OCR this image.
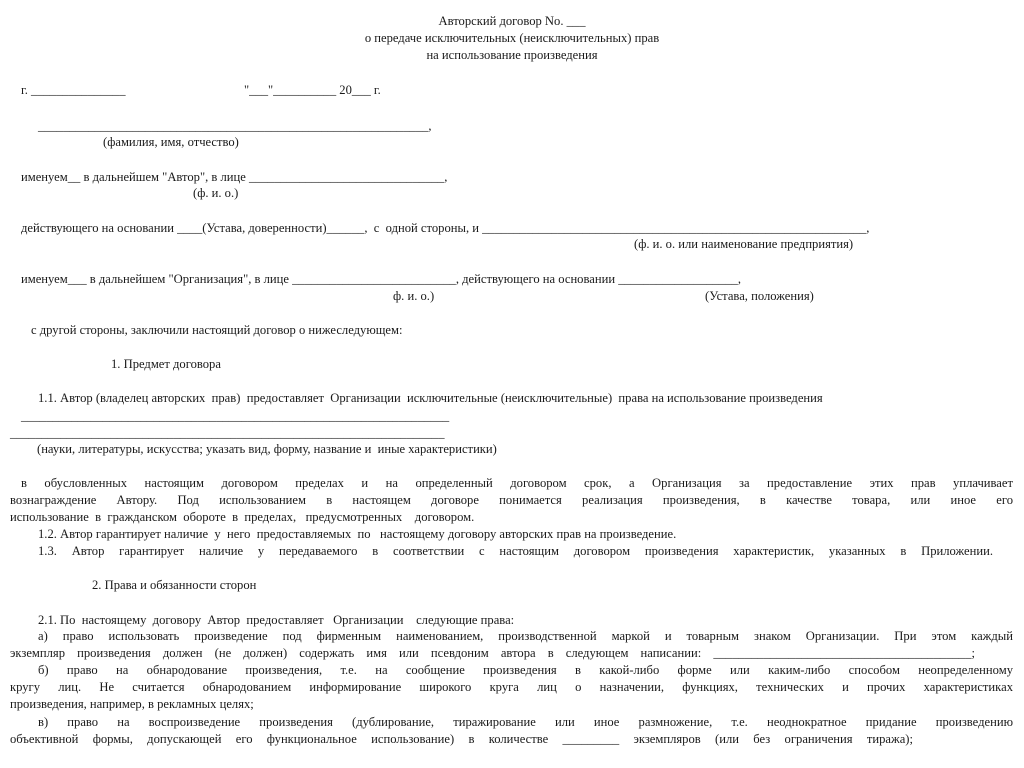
Авторский договор No. ___
о передаче исключительных (неисключительных) прав
на использование произведения
г. _______________	"___"__________ 20___ г.
______________________________________________________________,
(фамилия, имя, отчество)
именуем__ в дальнейшем "Автор", в лице _______________________________,
(ф. и. о.)
действующего на основании ____(Устава, доверенности)______,  с  одной стороны, и _____________________________________________________________,
(ф. и. о. или наименование предприятия)
именуем___ в дальнейшем "Организация", в лице __________________________, действующего на основании ___________________,
ф. и. о.)	(Устава, положения)
с другой стороны, заключили настоящий договор о нижеследующем:
1. Предмет договора
1.1. Автор (владелец авторских  прав)  предоставляет  Организации  исключительные (неисключительные)  права на использование произведения
____________________________________________________________________
_____________________________________________________________________
(науки, литературы, искусства; указать вид, форму, название и  иные характеристики)
в обусловленных настоящим договором пределах и на определенный договором срок, а Организация за предоставление этих прав уплачивает
вознаграждение Автору. Под использованием в настоящем договоре понимается реализация произведения, в качестве товара, или иное его
использование  в  гражданском  обороте  в  пределах,   предусмотренных    договором.
1.2. Автор гарантирует наличие  у  него  предоставляемых  по   настоящему договору авторских прав на произведение.
1.3. Автор гарантирует наличие у передаваемого в соответствии с настоящим договором произведения характеристик, указанных в Приложении.
2. Права и обязанности сторон
2.1. По  настоящему  договору  Автор  предоставляет   Организации    следующие права:
а) право использовать произведение под фирменным наименованием, производственной маркой и товарным знаком Организации. При этом каждый
экземпляр произведения должен (не должен) содержать имя или псевдоним автора в следующем написании: _________________________________________;
б) право на обнародование произведения, т.е. на сообщение произведения в какой-либо форме или каким-либо способом неопределенному
кругу лиц. Не считается обнародованием информирование широкого круга лиц о назначении, функциях, технических и прочих характеристиках
произведения, например, в рекламных целях;
в) право на воспроизведение произведения (дублирование, тиражирование или иное размножение, т.е. неоднократное придание произведению
объективной формы, допускающей его функциональное использование) в количестве _________ экземпляров (или без ограничения тиража);
